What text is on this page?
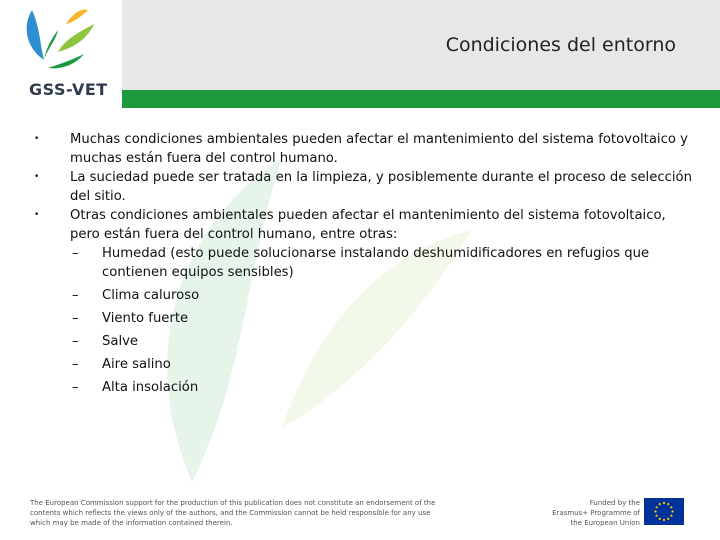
GSS-VET
Condiciones del entorno
•	Muchas condiciones ambientales pueden afectar el mantenimiento del sistema fotovoltaico y muchas están fuera del control humano.
•	La suciedad puede ser tratada en la limpieza, y posiblemente durante el proceso de selección del sitio.
•	Otras condiciones ambientales pueden afectar el mantenimiento del sistema fotovoltaico, pero están fuera del control humano, entre otras:
– Humedad (esto puede solucionarse instalando deshumidificadores en refugios que contienen equipos sensibles)
– Clima caluroso
– Viento fuerte
– Salve
– Aire salino
– Alta insolación
The European Commission support for the production of this publication does not constitute an endorsement of the contents which reflects the views only of the authors, and the Commission cannot be held responsible for any use which may be made of the information contained therein.
Funded by the Erasmus+ Programme of the European Union
